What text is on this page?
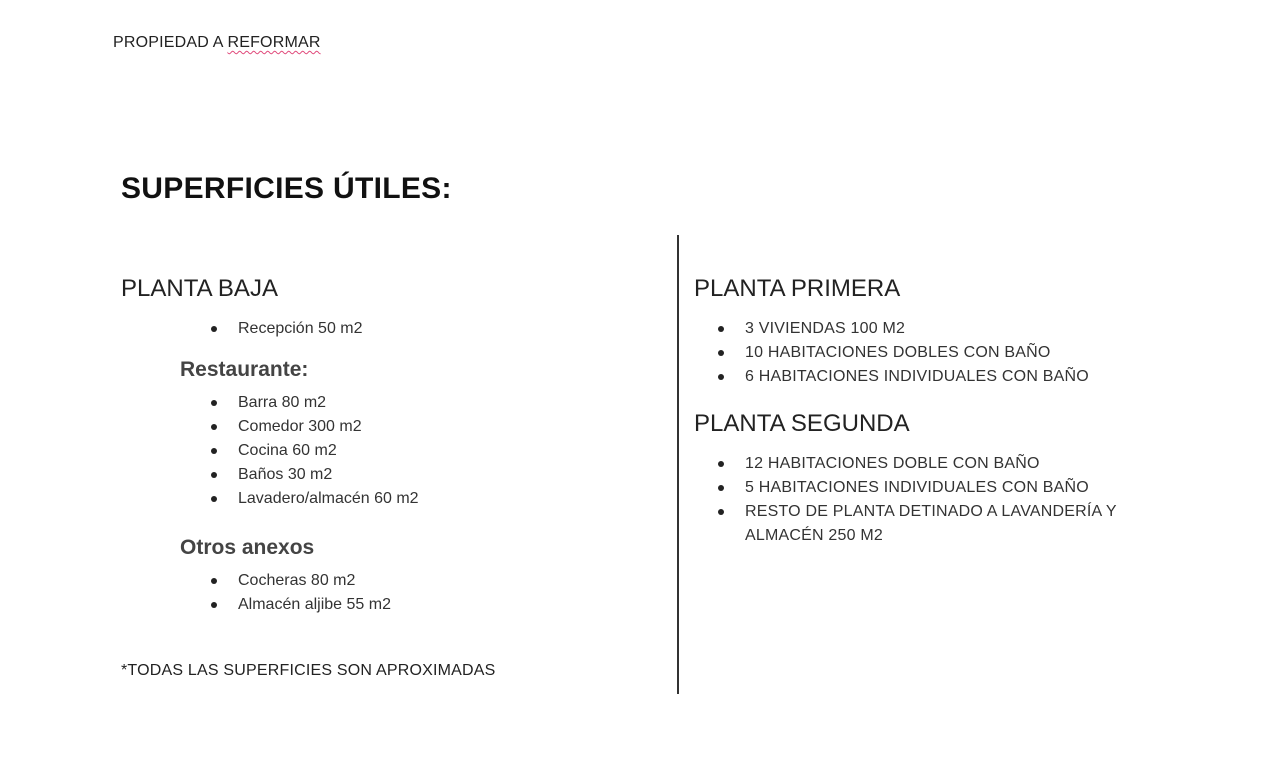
PROPIEDAD A REFORMAR
SUPERFICIES ÚTILES:
PLANTA BAJA
Recepción 50 m2
Restaurante:
Barra 80 m2
Comedor 300 m2
Cocina 60 m2
Baños 30 m2
Lavadero/almacén 60 m2
Otros anexos
Cocheras 80 m2
Almacén aljibe 55 m2
PLANTA PRIMERA
3 VIVIENDAS 100 M2
10 HABITACIONES DOBLES CON BAÑO
6 HABITACIONES INDIVIDUALES CON BAÑO
PLANTA SEGUNDA
12 HABITACIONES DOBLE CON BAÑO
5 HABITACIONES INDIVIDUALES CON BAÑO
RESTO DE PLANTA DETINADO A LAVANDERÍA Y ALMACÉN 250 M2
*TODAS LAS SUPERFICIES SON APROXIMADAS
